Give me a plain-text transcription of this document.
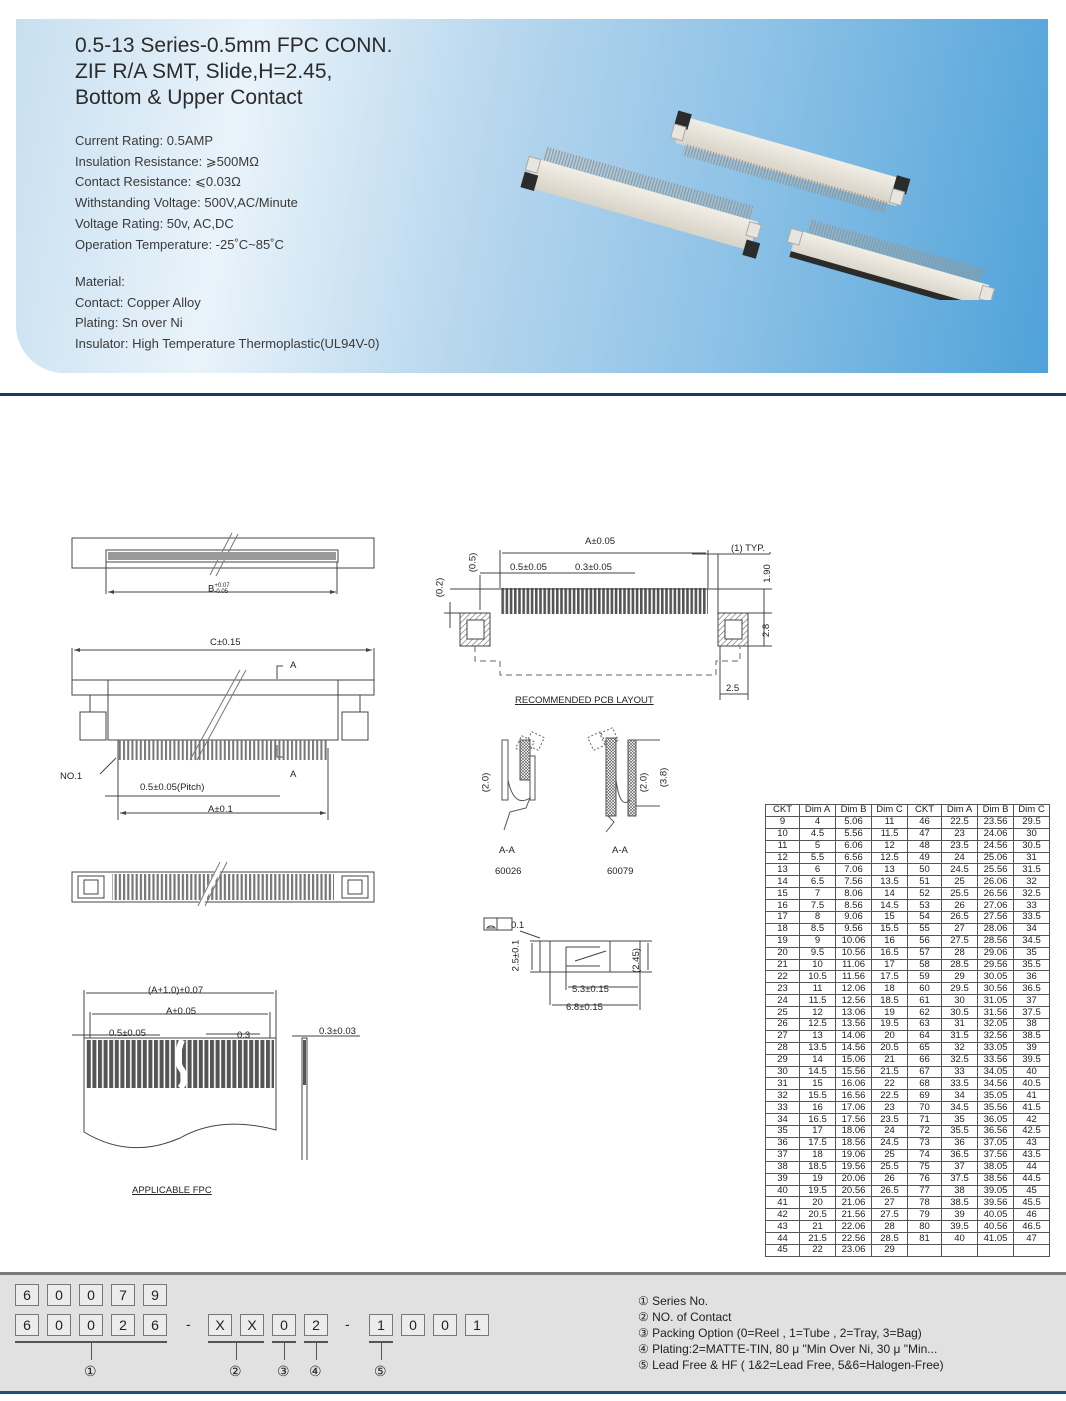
0.5-13 Series-0.5mm FPC CONN.
ZIF R/A SMT, Slide,H=2.45,
Bottom & Upper Contact
Current Rating: 0.5AMP
Insulation Resistance: ⩾500MΩ
Contact Resistance: ⩽0.03Ω
Withstanding Voltage: 500V,AC/Minute
Voltage Rating: 50v, AC,DC
Operation Temperature: -25˚C~85˚C
Material:
Contact: Copper Alloy
Plating: Sn over Ni
Insulator: High Temperature Thermoplastic(UL94V-0)
B+0.07
-0.05
C±0.15
A
A
NO.1
0.5±0.05(Pitch)
A±0.1
A±0.05
(1) TYP.
0.5±0.05	0.3±0.05
(0.2)
(0.5)
1.90
2.8
2.5
RECOMMENDED PCB LAYOUT
(2.0)	(2.0) (3.8)
A-A
60026
A-A
60079
0.1
2.5±0.1	(2.45)
5.3±0.15
6.8±0.15
(A+1.0)±0.07
A±0.05
0.5±0.05	0.3	0.3±0.03
APPLICABLE FPC
CKT	Dim A	Dim B	Dim C	CKT	Dim A	Dim B	Dim C
9	4	5.06	11	46	22.5	23.56	29.5
10	4.5	5.56	11.5	47	23	24.06	30
11	5	6.06	12	48	23.5	24.56	30.5
12	5.5	6.56	12.5	49	24	25.06	31
13	6	7.06	13	50	24.5	25.56	31.5
14	6.5	7.56	13.5	51	25	26.06	32
15	7	8.06	14	52	25.5	26.56	32.5
16	7.5	8.56	14.5	53	26	27.06	33
17	8	9.06	15	54	26.5	27.56	33.5
18	8.5	9.56	15.5	55	27	28.06	34
19	9	10.06	16	56	27.5	28.56	34.5
20	9.5	10.56	16.5	57	28	29.06	35
21	10	11.06	17	58	28.5	29.56	35.5
22	10.5	11.56	17.5	59	29	30.05	36
23	11	12.06	18	60	29.5	30.56	36.5
24	11.5	12.56	18.5	61	30	31.05	37
25	12	13.06	19	62	30.5	31.56	37.5
26	12.5	13.56	19.5	63	31	32.05	38
27	13	14.06	20	64	31.5	32.56	38.5
28	13.5	14.56	20.5	65	32	33.05	39
29	14	15.06	21	66	32.5	33.56	39.5
30	14.5	15.56	21.5	67	33	34.05	40
31	15	16.06	22	68	33.5	34.56	40.5
32	15.5	16.56	22.5	69	34	35.05	41
33	16	17.06	23	70	34.5	35.56	41.5
34	16.5	17.56	23.5	71	35	36.05	42
35	17	18.06	24	72	35.5	36.56	42.5
36	17.5	18.56	24.5	73	36	37.05	43
37	18	19.06	25	74	36.5	37.56	43.5
38	18.5	19.56	25.5	75	37	38.05	44
39	19	20.06	26	76	37.5	38.56	44.5
40	19.5	20.56	26.5	77	38	39.05	45
41	20	21.06	27	78	38.5	39.56	45.5
42	20.5	21.56	27.5	79	39	40.05	46
43	21	22.06	28	80	39.5	40.56	46.5
44	21.5	22.56	28.5	81	40	41.05	47
45	22	23.06	29				
6	0	0	7	9
6	0	0	2	6	-	X	X	0	2	-	1	0	0	1
①	②	③ ④	⑤
① Series No.
② NO. of Contact
③ Packing Option (0=Reel , 1=Tube , 2=Tray, 3=Bag)
④ Plating:2=MATTE-TIN, 80 μ "Min Over Ni, 30 μ "Min...
⑤ Lead Free & HF ( 1&2=Lead Free, 5&6=Halogen-Free)
